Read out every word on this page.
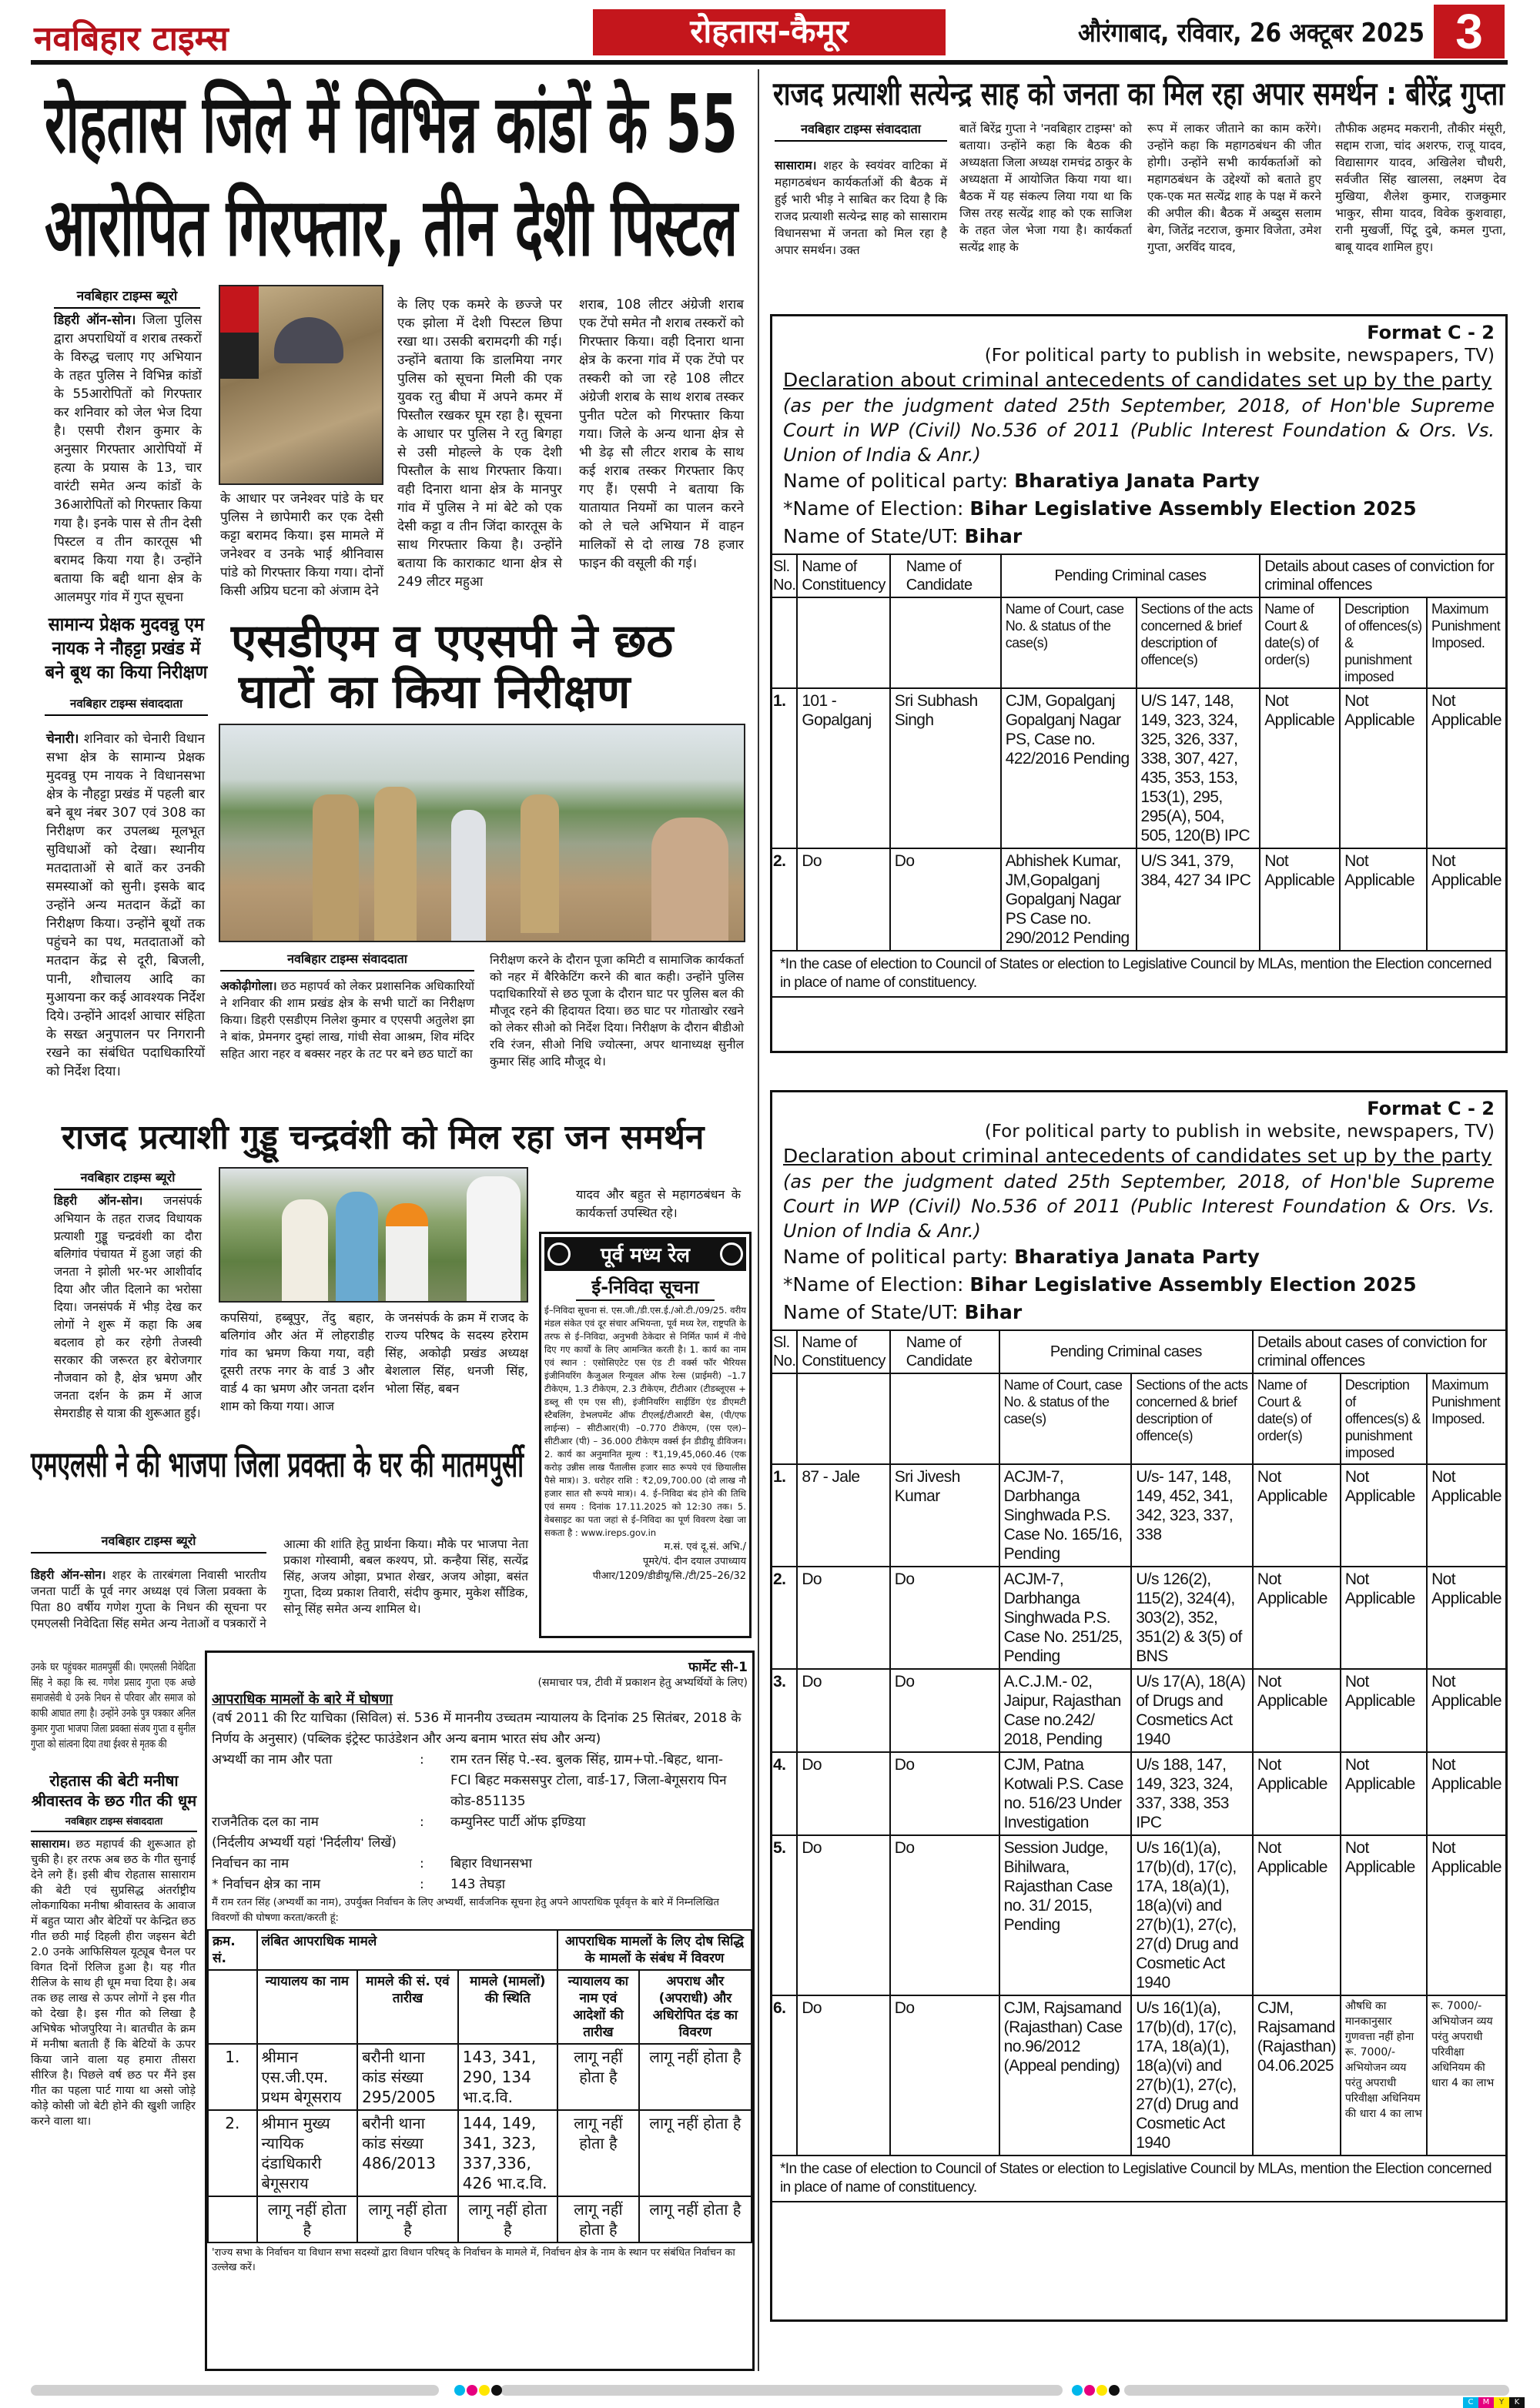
नवबिहार टाइम्स	रोहतास-कैमूर	औरंगाबाद, रविवार, 26 अक्टूबर 2025 3
रोहतास जिले में विभिन्न कांडों के 55
आरोपित गिरफ्तार, तीन देशी पिस्टल
नवबिहार टाइम्स ब्यूरो
डिहरी ऑन-सोन। जिला पुलिस द्वारा अपराधियों व शराब तस्करों के विरुद्ध चलाए गए अभियान के तहत पुलिस ने विभिन्न कांडों के 55आरोपितों को गिरफ्तार कर शनिवार को जेल भेज दिया है। एसपी रौशन कुमार के अनुसार गिरफ्तार आरोपियों में हत्या के प्रयास के 13, चार वारंटी समेत अन्य कांडों के 36आरोपितों को गिरफ्तार किया गया है। इनके पास से तीन देसी पिस्टल व तीन कारतूस भी बरामद किया गया है। उन्होंने बताया कि बद्दी थाना क्षेत्र के आलमपुर गांव में गुप्त सूचना
के आधार पर जनेश्वर पांडे के घर पुलिस ने छापेमारी कर एक देसी कट्टा बरामद किया। इस मामले में जनेश्वर व उनके भाई श्रीनिवास पांडे को गिरफ्तार किया गया। दोनों किसी अप्रिय घटना को अंजाम देने
के लिए एक कमरे के छज्जे पर एक झोला में देशी पिस्टल छिपा रखा था। उसकी बरामदगी की गई। उन्होंने बताया कि डालमिया नगर पुलिस को सूचना मिली की एक युवक रतु बीघा में अपने कमर में पिस्तौल रखकर घूम रहा है। सूचना के आधार पर पुलिस ने रतु बिगहा से उसी मोहल्ले के एक देशी पिस्तौल के साथ गिरफ्तार किया। वही दिनारा थाना क्षेत्र के मानपुर गांव में पुलिस ने मां बेटे को एक देसी कट्टा व तीन जिंदा कारतूस के साथ गिरफ्तार किया है। उन्होंने बताया कि काराकाट थाना क्षेत्र से 249 लीटर महुआ
शराब, 108 लीटर अंग्रेजी शराब एक टेंपो समेत नौ शराब तस्करों को गिरफ्तार किया। वही दिनारा थाना क्षेत्र के करना गांव में एक टेंपो पर तस्करी को जा रहे 108 लीटर अंग्रेजी शराब के साथ शराब तस्कर पुनीत पटेल को गिरफ्तार किया गया। जिले के अन्य थाना क्षेत्र से भी डेढ़ सौ लीटर शराब के साथ कई शराब तस्कर गिरफ्तार किए गए हैं। एसपी ने बताया कि यातायात नियमों का पालन करने को ले चले अभियान में वाहन मालिकों से दो लाख 78 हजार फाइन की वसूली की गई।
राजद प्रत्याशी सत्येन्द्र साह को जनता का मिल रहा अपार समर्थन : बीरेंद्र गुप्ता
नवबिहार टाइम्स संवाददाता
सासाराम। शहर के स्वयंवर वाटिका में महागठबंधन कार्यकर्ताओं की बैठक में हुई भारी भीड़ ने साबित कर दिया है कि राजद प्रत्याशी सत्येन्द्र साह को सासाराम विधानसभा में जनता को मिल रहा है अपार समर्थन। उक्त
बातें बिरेंद्र गुप्ता ने 'नवबिहार टाइम्स' को बताया। उन्होंने कहा कि बैठक की अध्यक्षता जिला अध्यक्ष रामचंद्र ठाकुर के अध्यक्षता में आयोजित किया गया था। बैठक में यह संकल्प लिया गया था कि जिस तरह सत्येंद्र शाह को एक साजिश के तहत जेल भेजा गया है। कार्यकर्ता सत्येंद्र शाह के
रूप में लाकर जीताने का काम करेंगे। उन्होंने कहा कि महागठबंधन की जीत होगी। उन्होंने सभी कार्यकर्ताओं को महागठबंधन के उद्देश्यों को बताते हुए एक-एक मत सत्येंद्र शाह के पक्ष में करने की अपील की। बैठक में अब्दुस सलाम बेग, जितेंद्र नटराज, कुमार विजेता, उमेश गुप्ता, अरविंद यादव,
तौफीक अहमद मकरानी, तौकीर मंसूरी, सद्दाम राजा, चांद अशरफ, राजू यादव, विद्यासागर यादव, अखिलेश चौधरी, सर्वजीत सिंह खालसा, लक्ष्मण देव मुखिया, शैलेश कुमार, राजकुमार भाकुर, सीमा यादव, विवेक कुशवाहा, रानी मुखर्जी, पिंटू दुबे, कमल गुप्ता, बाबू यादव शामिल हुए।
सामान्य प्रेक्षक मुदवन्नु एम नायक ने नौहट्टा प्रखंड में बने बूथ का किया निरीक्षण
नवबिहार टाइम्स संवाददाता
चेनारी। शनिवार को चेनारी विधान सभा क्षेत्र के सामान्य प्रेक्षक मुदवन्नु एम नायक ने विधानसभा क्षेत्र के नौहट्टा प्रखंड में पहली बार बने बूथ नंबर 307 एवं 308 का निरीक्षण कर उपलब्ध मूलभूत सुविधाओं को देखा। स्थानीय मतदाताओं से बातें कर उनकी समस्याओं को सुनी। इसके बाद उन्होंने अन्य मतदान केंद्रों का निरीक्षण किया। उन्होंने बूथों तक पहुंचने का पथ, मतदाताओं को मतदान केंद्र से दूरी, बिजली, पानी, शौचालय आदि का मुआयना कर कई आवश्यक निर्देश दिये। उन्होंने आदर्श आचार संहिता के सख्त अनुपालन पर निगरानी रखने का संबंधित पदाधिकारियों को निर्देश दिया।
एसडीएम व एएसपी ने छठ
घाटों का किया निरीक्षण
नवबिहार टाइम्स संवाददाता
अकोढ़ीगोला। छठ महापर्व को लेकर प्रशासनिक अधिकारियों ने शनिवार की शाम प्रखंड क्षेत्र के सभी घाटों का निरीक्षण किया। डिहरी एसडीएम निलेश कुमार व एएसपी अतुलेश झा ने बांक, प्रेमनगर दुम्हां लाख, गांधी सेवा आश्रम, शिव मंदिर सहित आरा नहर व बक्सर नहर के तट पर बने छठ घाटों का
निरीक्षण करने के दौरान पूजा कमिटी व सामाजिक कार्यकर्ता को नहर में बैरिकेटिंग करने की बात कही। उन्होंने पुलिस पदाधिकारियों से छठ पूजा के दौरान घाट पर पुलिस बल की मौजूद रहने की हिदायत दिया। छठ घाट पर गोताखोर रखने को लेकर सीओ को निर्देश दिया। निरीक्षण के दौरान बीडीओ रवि रंजन, सीओ निधि ज्योत्स्ना, अपर थानाध्यक्ष सुनील कुमार सिंह आदि मौजूद थे।
राजद प्रत्याशी गुड्डू चन्द्रवंशी को मिल रहा जन समर्थन
नवबिहार टाइम्स ब्यूरो
डिहरी ऑन-सोन। जनसंपर्क अभियान के तहत राजद विधायक प्रत्याशी गुड्डू चन्द्रवंशी का दौरा बलिगांव पंचायत में हुआ जहां की जनता ने झोली भर-भर आशीर्वाद दिया और जीत दिलाने का भरोसा दिया। जनसंपर्क में भीड़ देख कर लोगों ने शुरू में कहा कि अब बदलाव हो कर रहेगी तेजस्वी सरकार की जरूरत हर बेरोजगार नौजवान को है, क्षेत्र भ्रमण और जनता दर्शन के क्रम में आज सेमराडीह से यात्रा की शुरूआत हुई।
कपसियां, हब्बूपुर, तेंदु बहार, बलिगांव और अंत में लोहराडीह गांव का भ्रमण किया गया, वही दूसरी तरफ नगर के वार्ड 3 और वार्ड 4 का भ्रमण और जनता दर्शन शाम को किया गया। आज
के जनसंपर्क के क्रम में राजद के राज्य परिषद के सदस्य हरेराम सिंह, अकोढ़ी प्रखंड अध्यक्ष बेशलाल सिंह, धनजी सिंह, भोला सिंह, बबन
यादव और बहुत से महागठबंधन के कार्यकर्त्ता उपस्थित रहे।
पूर्व मध्य रेल
ई-निविदा सूचना
ई–निविदा सूचना सं. एस.जी./डी.एस.ई./ओ.टी./09/25. वरीय मंडल संकेत एवं दूर संचार अभियन्ता, पूर्व मध्य रेल, राष्ट्रपति के तरफ से ई–निविदा, अनुभवी ठेकेदार से निर्मित फार्म में नीचे दिए गए कार्यों के लिए आमन्त्रित करती है। 1. कार्य का नाम एवं स्थान : एसोसिएटेट एस एंड टी वर्क्स फॉर भैरियस इंजीनियरिंग कैजुअल रिन्यूवल ऑफ रेल्स (प्राईमरी) –1.7 टीकेएम, 1.3 टीकेएम, 2.3 टीकेएम, टीटीआर (टीडब्लूएस + डब्लू सी एम एस सी), इंजीनियरिंग साईडिंग एंड डीएमटी स्टैबलिंग, डेभलपमेंट ऑफ टीएलई/टीआरटी बेस, (पी/एफ लाईन्स) – सीटीआर(पी) –0.770 टीकेएम, (एस एल)–सीटीआर (पी) – 36.000 टीकेएम वर्क्स ईन डीडीयू डीविजन। 2. कार्य का अनुमानित मूल्य : ₹1,19,45,060.46 (एक करोड़ उन्नीस लाख पैंतालीस हजार साठ रूपये एवं छियालीस पैसे मात्र)। 3. धरोहर राशि : ₹2,09,700.00 (दो लाख नौ हजार सात सौ रूपये मात्र)। 4. ई–निविदा बंद होने की तिथि एवं समय : दिनांक 17.11.2025 को 12:30 तक। 5. वेबसाइट का पता जहां से ई–निविदा का पूर्ण विवरण देखा जा सकता है : www.ireps.gov.in
म.सं. एवं दू.सं. अभि./
पूमरे/पं. दीन दयाल उपाध्याय
पीआर/1209/डीडीयू/सि./टी/25–26/32
एमएलसी ने की भाजपा जिला प्रवक्ता के घर की मातमपुर्सी
नवबिहार टाइम्स ब्यूरो
डिहरी ऑन-सोन। शहर के तारबंगला निवासी भारतीय जनता पार्टी के पूर्व नगर अध्यक्ष एवं जिला प्रवक्ता के पिता 80 वर्षीय गणेश गुप्ता के निधन की सूचना पर एमएलसी निवेदिता सिंह समेत अन्य नेताओं व पत्रकारों ने
आत्मा की शांति हेतु प्रार्थना किया। मौके पर भाजपा नेता प्रकाश गोस्वामी, बबल कश्यप, प्रो. कन्हैया सिंह, सत्येंद्र सिंह, अजय ओझा, प्रभात शेखर, अजय ओझा, बसंत गुप्ता, दिव्य प्रकाश तिवारी, संदीप कुमार, मुकेश सौंडिक, सोनू सिंह समेत अन्य शामिल थे।
उनके घर पहुंचकर मातमपुर्सी की। एमएलसी निवेदिता सिंह ने कहा कि स्व. गणेश प्रसाद गुप्ता एक अच्छे समाजसेवी थे उनके निधन से परिवार और समाज को काफी आघात लगा है। उन्होंने उनके पुत्र पत्रकार अनिल कुमार गुप्ता भाजपा जिला प्रवक्ता संजय गुप्ता व सुनील गुप्ता को सांत्वना दिया तथा ईश्वर से मृतक की
रोहतास की बेटी मनीषा श्रीवास्तव के छठ गीत की धूम
नवबिहार टाइम्स संवाददाता
सासाराम। छठ महापर्व की शुरूआत हो चुकी है। हर तरफ अब छठ के गीत सुनाई देने लगे हैं। इसी बीच रोहतास सासाराम की बेटी एवं सुप्रसिद्ध अंतर्राष्ट्रीय लोकगायिका मनीषा श्रीवास्तव के आवाज में बहुत प्यारा और बेटियों पर केन्द्रित छठ गीत छठी माई दिहली हीरा जइसन बेटी 2.0 उनके आफिसियल यूट्यूब चैनल पर विगत दिनों रिलिज हुआ है। यह गीत रीलिज के साथ ही धूम मचा दिया है। अब तक छह लाख से ऊपर लोगों ने इस गीत को देखा है। इस गीत को लिखा है अभिषेक भोजपुरिया ने। बातचीत के क्रम में मनीषा बताती हैं कि बेटियों के ऊपर किया जाने वाला यह हमारा तीसरा सीरिज है। पिछले वर्ष छठ पर मैंने इस गीत का पहला पार्ट गाया था असो जोड़े कोड़े कोसी जो बेटी होने की खुशी जाहिर करने वाला था।
फार्मेट सी-1
(समाचार पत्र, टीवी में प्रकाशन हेतु अभ्यर्थियों के लिए)
आपराधिक मामलों के बारे में घोषणा
(वर्ष 2011 की रिट याचिका (सिविल) सं. 536 में माननीय उच्चतम न्यायालय के दिनांक 25 सितंबर, 2018 के निर्णय के अनुसार) (पब्लिक इंट्रेस्ट फाउंडेशन और अन्य बनाम भारत संघ और अन्य)
अभ्यर्थी का नाम और पता	:	राम रतन सिंह पे.-स्व. बुलक सिंह, ग्राम+पो.-बिहट, थाना- FCI बिहट मकससपुर टोला, वार्ड-17, जिला-बेगूसराय पिन कोड-851135
राजनैतिक दल का नाम	:	कम्युनिस्ट पार्टी ऑफ इण्डिया
(निर्दलीय अभ्यर्थी यहां 'निर्दलीय' लिखें)
निर्वाचन का नाम	:	बिहार विधानसभा
* निर्वाचन क्षेत्र का नाम	:	143 तेघड़ा
मैं राम रतन सिंह (अभ्यर्थी का नाम), उपर्युक्त निर्वाचन के लिए अभ्यर्थी, सार्वजनिक सूचना हेतु अपने आपराधिक पूर्ववृत्त के बारे में निम्नलिखित विवरणों की घोषणा करता/करती हूं:
क्रम. सं.	लंबित आपराधिक मामले			आपराधिक मामलों के लिए दोष सिद्धि के मामलों के संबंध में विवरण	
	न्यायालय का नाम	मामले की सं. एवं तारीख	मामले (मामलों) की स्थिति	न्यायालय का नाम एवं आदेशों की तारीख	अपराध और (अपराधी) और अधिरोपित दंड का विवरण
1.	श्रीमान एस.जी.एम. प्रथम बेगूसराय	बरौनी थाना कांड संख्या 295/2005	143, 341, 290, 134 भा.द.वि.	लागू नहीं होता है	लागू नहीं होता है
2.	श्रीमान मुख्य न्यायिक दंडाधिकारी बेगूसराय	बरौनी थाना कांड संख्या 486/2013	144, 149, 341, 323, 337,336, 426 भा.द.वि.	लागू नहीं होता है	लागू नहीं होता है
	लागू नहीं होता है	लागू नहीं होता है	लागू नहीं होता है	लागू नहीं होता है	लागू नहीं होता है
'राज्य सभा के निर्वाचन या विधान सभा सदस्यों द्वारा विधान परिषद् के निर्वाचन के मामले में, निर्वाचन क्षेत्र के नाम के स्थान पर संबंधित निर्वाचन का उल्लेख करें।
Format C - 2
(For political party to publish in website, newspapers, TV)
Declaration about criminal antecedents of candidates set up by the party
(as per the judgment dated 25th September, 2018, of Hon'ble Supreme Court in WP (Civil) No.536 of 2011 (Public Interest Foundation & Ors. Vs. Union of India & Anr.)
Name of political party: Bharatiya Janata Party
*Name of Election: Bihar Legislative Assembly Election 2025
Name of State/UT: Bihar
Sl. No.	Name of Constituency	Name of Candidate	Pending Criminal cases		Details about cases of conviction for criminal offences		
			Name of Court, case No. & status of the case(s)	Sections of the acts concerned & brief description of offence(s)	Name of Court & date(s) of order(s)	Description of offences(s) & punishment imposed	Maximum Punishment Imposed.
1.	101 - Gopalganj	Sri Subhash Singh	CJM, Gopalganj Gopalganj Nagar PS, Case no. 422/2016 Pending	U/S 147, 148, 149, 323, 324, 325, 326, 337, 338, 307, 427, 435, 353, 153, 153(1), 295, 295(A), 504, 505, 120(B) IPC	Not Applicable	Not Applicable	Not Applicable
2.	Do	Do	Abhishek Kumar, JM,Gopalganj Gopalganj Nagar PS Case no. 290/2012 Pending	U/S 341, 379, 384, 427 34 IPC	Not Applicable	Not Applicable	Not Applicable
*In the case of election to Council of States or election to Legislative Council by MLAs, mention the Election concerned in place of name of constituency.							
Format C - 2
(For political party to publish in website, newspapers, TV)
Declaration about criminal antecedents of candidates set up by the party
(as per the judgment dated 25th September, 2018, of Hon'ble Supreme Court in WP (Civil) No.536 of 2011 (Public Interest Foundation & Ors. Vs. Union of India & Anr.)
Name of political party: Bharatiya Janata Party
*Name of Election: Bihar Legislative Assembly Election 2025
Name of State/UT: Bihar
Sl. No.	Name of Constituency	Name of Candidate	Pending Criminal cases		Details about cases of conviction for criminal offences		
			Name of Court, case No. & status of the case(s)	Sections of the acts concerned & brief description of offence(s)	Name of Court & date(s) of order(s)	Description of offences(s) & punishment imposed	Maximum Punishment Imposed.
1.	87 - Jale	Sri Jivesh Kumar	ACJM-7, Darbhanga Singhwada P.S. Case No. 165/16, Pending	U/s- 147, 148, 149, 452, 341, 342, 323, 337, 338	Not Applicable	Not Applicable	Not Applicable
2.	Do	Do	ACJM-7, Darbhanga Singhwada P.S. Case No. 251/25, Pending	U/s 126(2), 115(2), 324(4), 303(2), 352, 351(2) & 3(5) of BNS	Not Applicable	Not Applicable	Not Applicable
3.	Do	Do	A.C.J.M.- 02, Jaipur, Rajasthan Case no.242/ 2018, Pending	U/s 17(A), 18(A) of Drugs and Cosmetics Act 1940	Not Applicable	Not Applicable	Not Applicable
4.	Do	Do	CJM, Patna Kotwali P.S. Case no. 516/23 Under Investigation	U/s 188, 147, 149, 323, 324, 337, 338, 353 IPC	Not Applicable	Not Applicable	Not Applicable
5.	Do	Do	Session Judge, Bihilwara, Rajasthan Case no. 31/ 2015, Pending	U/s 16(1)(a), 17(b)(d), 17(c), 17A, 18(a)(1), 18(a)(vi) and 27(b)(1), 27(c), 27(d) Drug and Cosmetic Act 1940	Not Applicable	Not Applicable	Not Applicable
6.	Do	Do	CJM, Rajsamand (Rajasthan) Case no.96/2012 (Appeal pending)	U/s 16(1)(a), 17(b)(d), 17(c), 17A, 18(a)(1), 18(a)(vi) and 27(b)(1), 27(c), 27(d) Drug and Cosmetic Act 1940	CJM, Rajsamand (Rajasthan) 04.06.2025	औषधि का मानकानुसार गुणवत्ता नहीं होना रू. 7000/- अभियोजन व्यय परंतु अपराधी परिवीक्षा अधिनियम की धारा 4 का लाभ	रू. 7000/- अभियोजन व्यय परंतु अपराधी परिवीक्षा अधिनियम की धारा 4 का लाभ
*In the case of election to Council of States or election to Legislative Council by MLAs, mention the Election concerned in place of name of constituency.							
C	M	Y	K
